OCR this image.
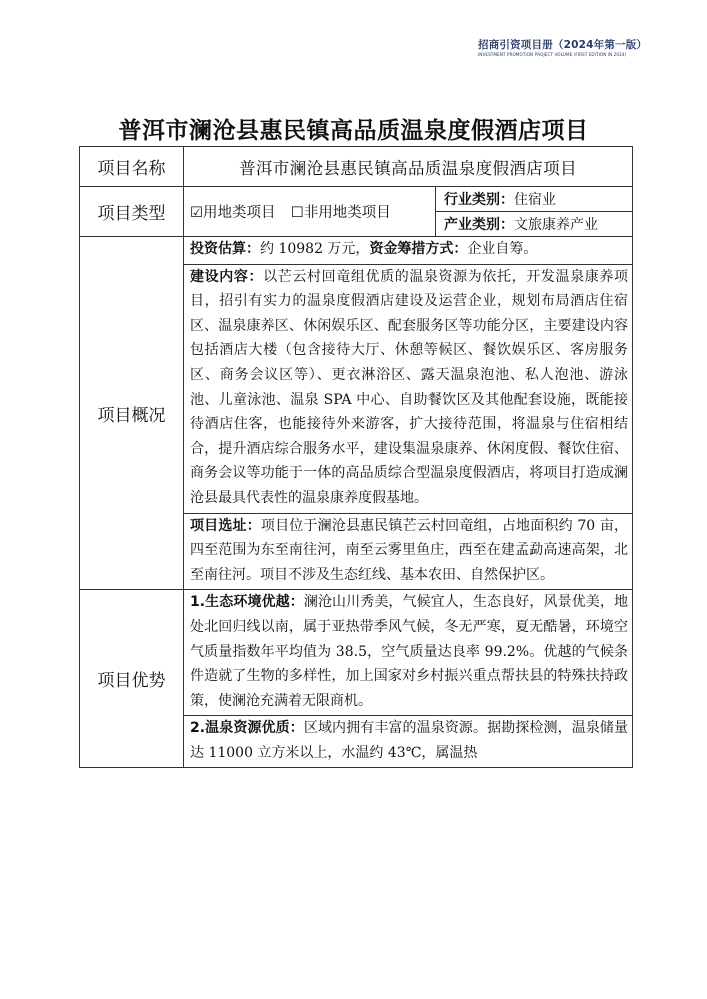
招商引资项目册（2024年第一版）
INVESTMENT PROMOTION PROJECT VOLUME (FIRST EDITION IN 2024)
普洱市澜沧县惠民镇高品质温泉度假酒店项目
项目名称	普洱市澜沧县惠民镇高品质温泉度假酒店项目	
项目类型	☑用地类项目 ☐非用地类项目	行业类别：住宿业
		产业类别：文旅康养产业
项目概况	投资估算：约 10982 万元，资金筹措方式：企业自筹。
建设内容：以芒云村回竜组优质的温泉资源为依托，开发温泉康养项目，招引有实力的温泉度假酒店建设及运营企业，规划布局酒店住宿区、温泉康养区、休闲娱乐区、配套服务区等功能分区，主要建设内容包括酒店大楼（包含接待大厅、休憩等候区、餐饮娱乐区、客房服务区、商务会议区等）、更衣淋浴区、露天温泉泡池、私人泡池、游泳池、儿童泳池、温泉 SPA 中心、自助餐饮区及其他配套设施，既能接待酒店住客，也能接待外来游客，扩大接待范围，将温泉与住宿相结合，提升酒店综合服务水平，建设集温泉康养、休闲度假、餐饮住宿、商务会议等功能于一体的高品质综合型温泉度假酒店，将项目打造成澜沧县最具代表性的温泉康养度假基地。
项目选址：项目位于澜沧县惠民镇芒云村回竜组，占地面积约 70 亩，四至范围为东至南往河，南至云雾里鱼庄，西至在建孟勐高速高架，北至南往河。项目不涉及生态红线、基本农田、自然保护区。	

项目优势	1.生态环境优越：澜沧山川秀美，气候宜人，生态良好，风景优美，地处北回归线以南，属于亚热带季风气候，冬无严寒，夏无酷暑，环境空气质量指数年平均值为 38.5，空气质量达良率 99.2%。优越的气候条件造就了生物的多样性，加上国家对乡村振兴重点帮扶县的特殊扶持政策，使澜沧充满着无限商机。
2.温泉资源优质：区域内拥有丰富的温泉资源。据勘探检测，温泉储量达 11000 立方米以上，水温约 43℃，属温热	
